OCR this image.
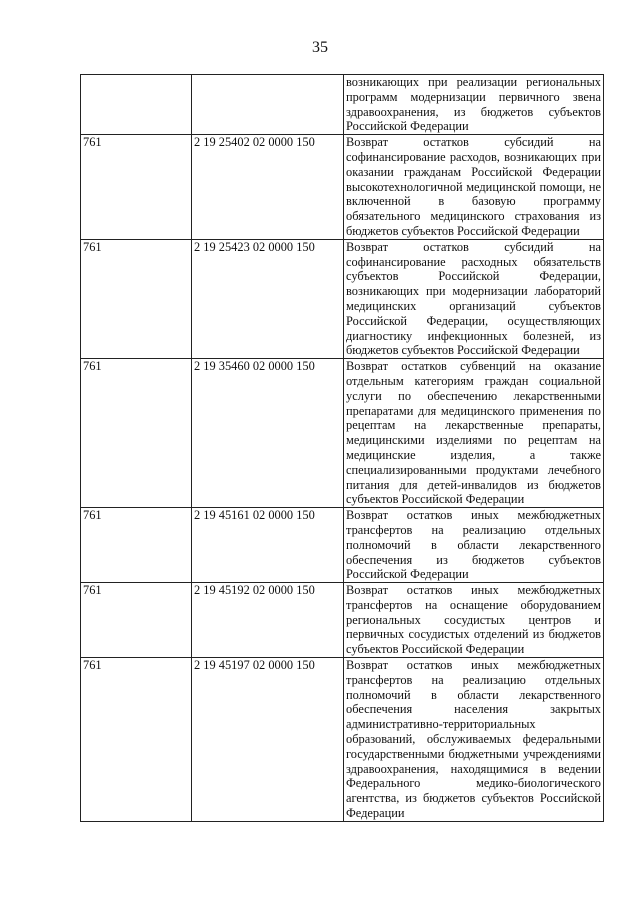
35
		возникающих при реализации региональных программ модернизации первичного звена здравоохранения, из бюджетов субъектов Российской Федерации
761	2 19 25402 02 0000 150	Возврат остатков субсидий на софинансирование расходов, возникающих при оказании гражданам Российской Федерации высокотехнологичной медицинской помощи, не включенной в базовую программу обязательного медицинского страхования из бюджетов субъектов Российской Федерации
761	2 19 25423 02 0000 150	Возврат остатков субсидий на софинансирование расходных обязательств субъектов Российской Федерации, возникающих при модернизации лабораторий медицинских организаций субъектов Российской Федерации, осуществляющих диагностику инфекционных болезней, из бюджетов субъектов Российской Федерации
761	2 19 35460 02 0000 150	Возврат остатков субвенций на оказание отдельным категориям граждан социальной услуги по обеспечению лекарственными препаратами для медицинского применения по рецептам на лекарственные препараты, медицинскими изделиями по рецептам на медицинские изделия, а также специализированными продуктами лечебного питания для детей-инвалидов из бюджетов субъектов Российской Федерации
761	2 19 45161 02 0000 150	Возврат остатков иных межбюджетных трансфертов на реализацию отдельных полномочий в области лекарственного обеспечения из бюджетов субъектов Российской Федерации
761	2 19 45192 02 0000 150	Возврат остатков иных межбюджетных трансфертов на оснащение оборудованием региональных сосудистых центров и первичных сосудистых отделений из бюджетов субъектов Российской Федерации
761	2 19 45197 02 0000 150	Возврат остатков иных межбюджетных трансфертов на реализацию отдельных полномочий в области лекарственного обеспечения населения закрытых административно-территориальных образований, обслуживаемых федеральными государственными бюджетными учреждениями здравоохранения, находящимися в ведении Федерального медико-биологического агентства, из бюджетов субъектов Российской Федерации
